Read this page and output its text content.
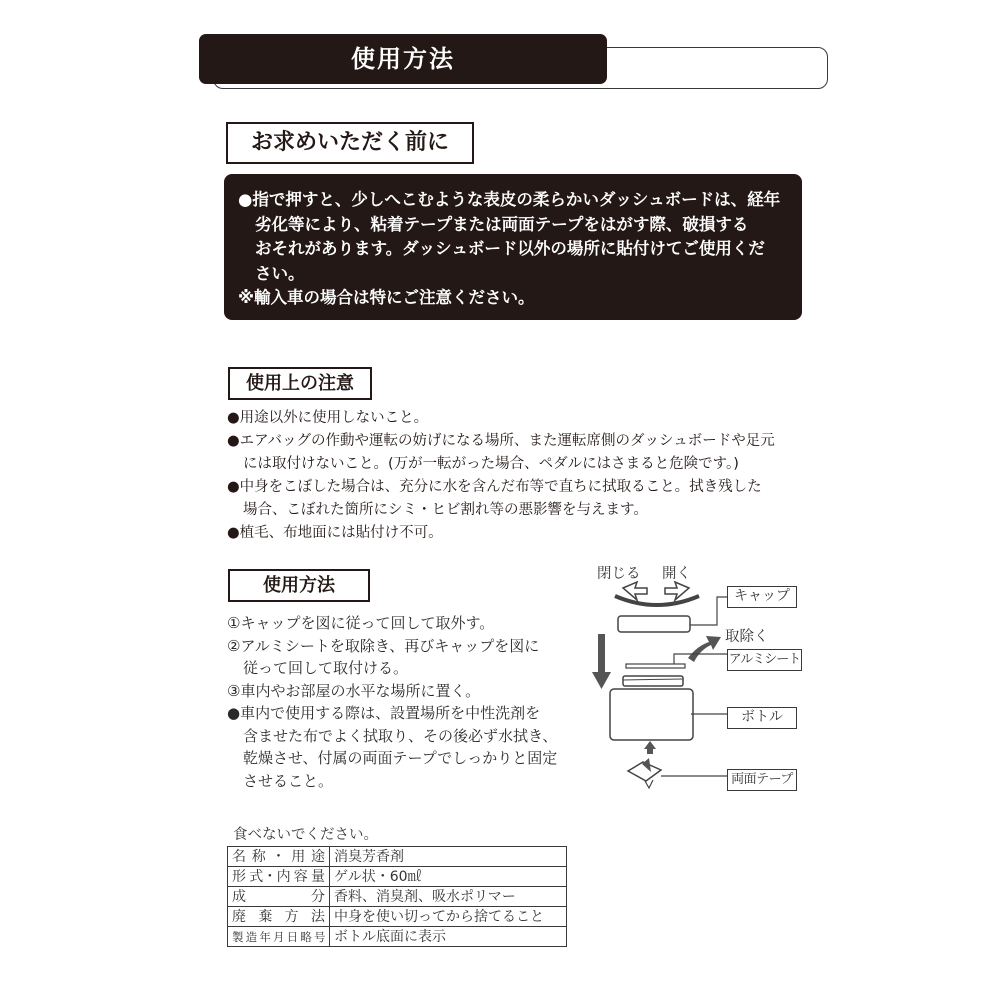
使用方法
お求めいただく前に
●指で押すと、少しへこむような表皮の柔らかいダッシュボードは、経年
劣化等により、粘着テープまたは両面テープをはがす際、破損する
おそれがあります。ダッシュボード以外の場所に貼付けてご使用くだ
さい。
※輸入車の場合は特にご注意ください。
使用上の注意
●用途以外に使用しないこと。
●エアバッグの作動や運転の妨げになる場所、また運転席側のダッシュボードや足元
には取付けないこと。(万が一転がった場合、ペダルにはさまると危険です。)
●中身をこぼした場合は、充分に水を含んだ布等で直ちに拭取ること。拭き残した
場合、こぼれた箇所にシミ・ヒビ割れ等の悪影響を与えます。
●植毛、布地面には貼付け不可。
使用方法
①キャップを図に従って回して取外す。
②アルミシートを取除き、再びキャップを図に
従って回して取付ける。
③車内やお部屋の水平な場所に置く。
●車内で使用する際は、設置場所を中性洗剤を
含ませた布でよく拭取り、その後必ず水拭き、
乾燥させ、付属の両面テープでしっかりと固定
させること。
閉じる 開く
取除く
キャップ
アルミシート
ボトル
両面テープ
食べないでください。
名称・用途	消臭芳香剤
形式･内容量	ゲル状・60㎖
成分	香料、消臭剤、吸水ポリマー
廃棄方法	中身を使い切ってから捨てること
製造年月日略号	ボトル底面に表示
